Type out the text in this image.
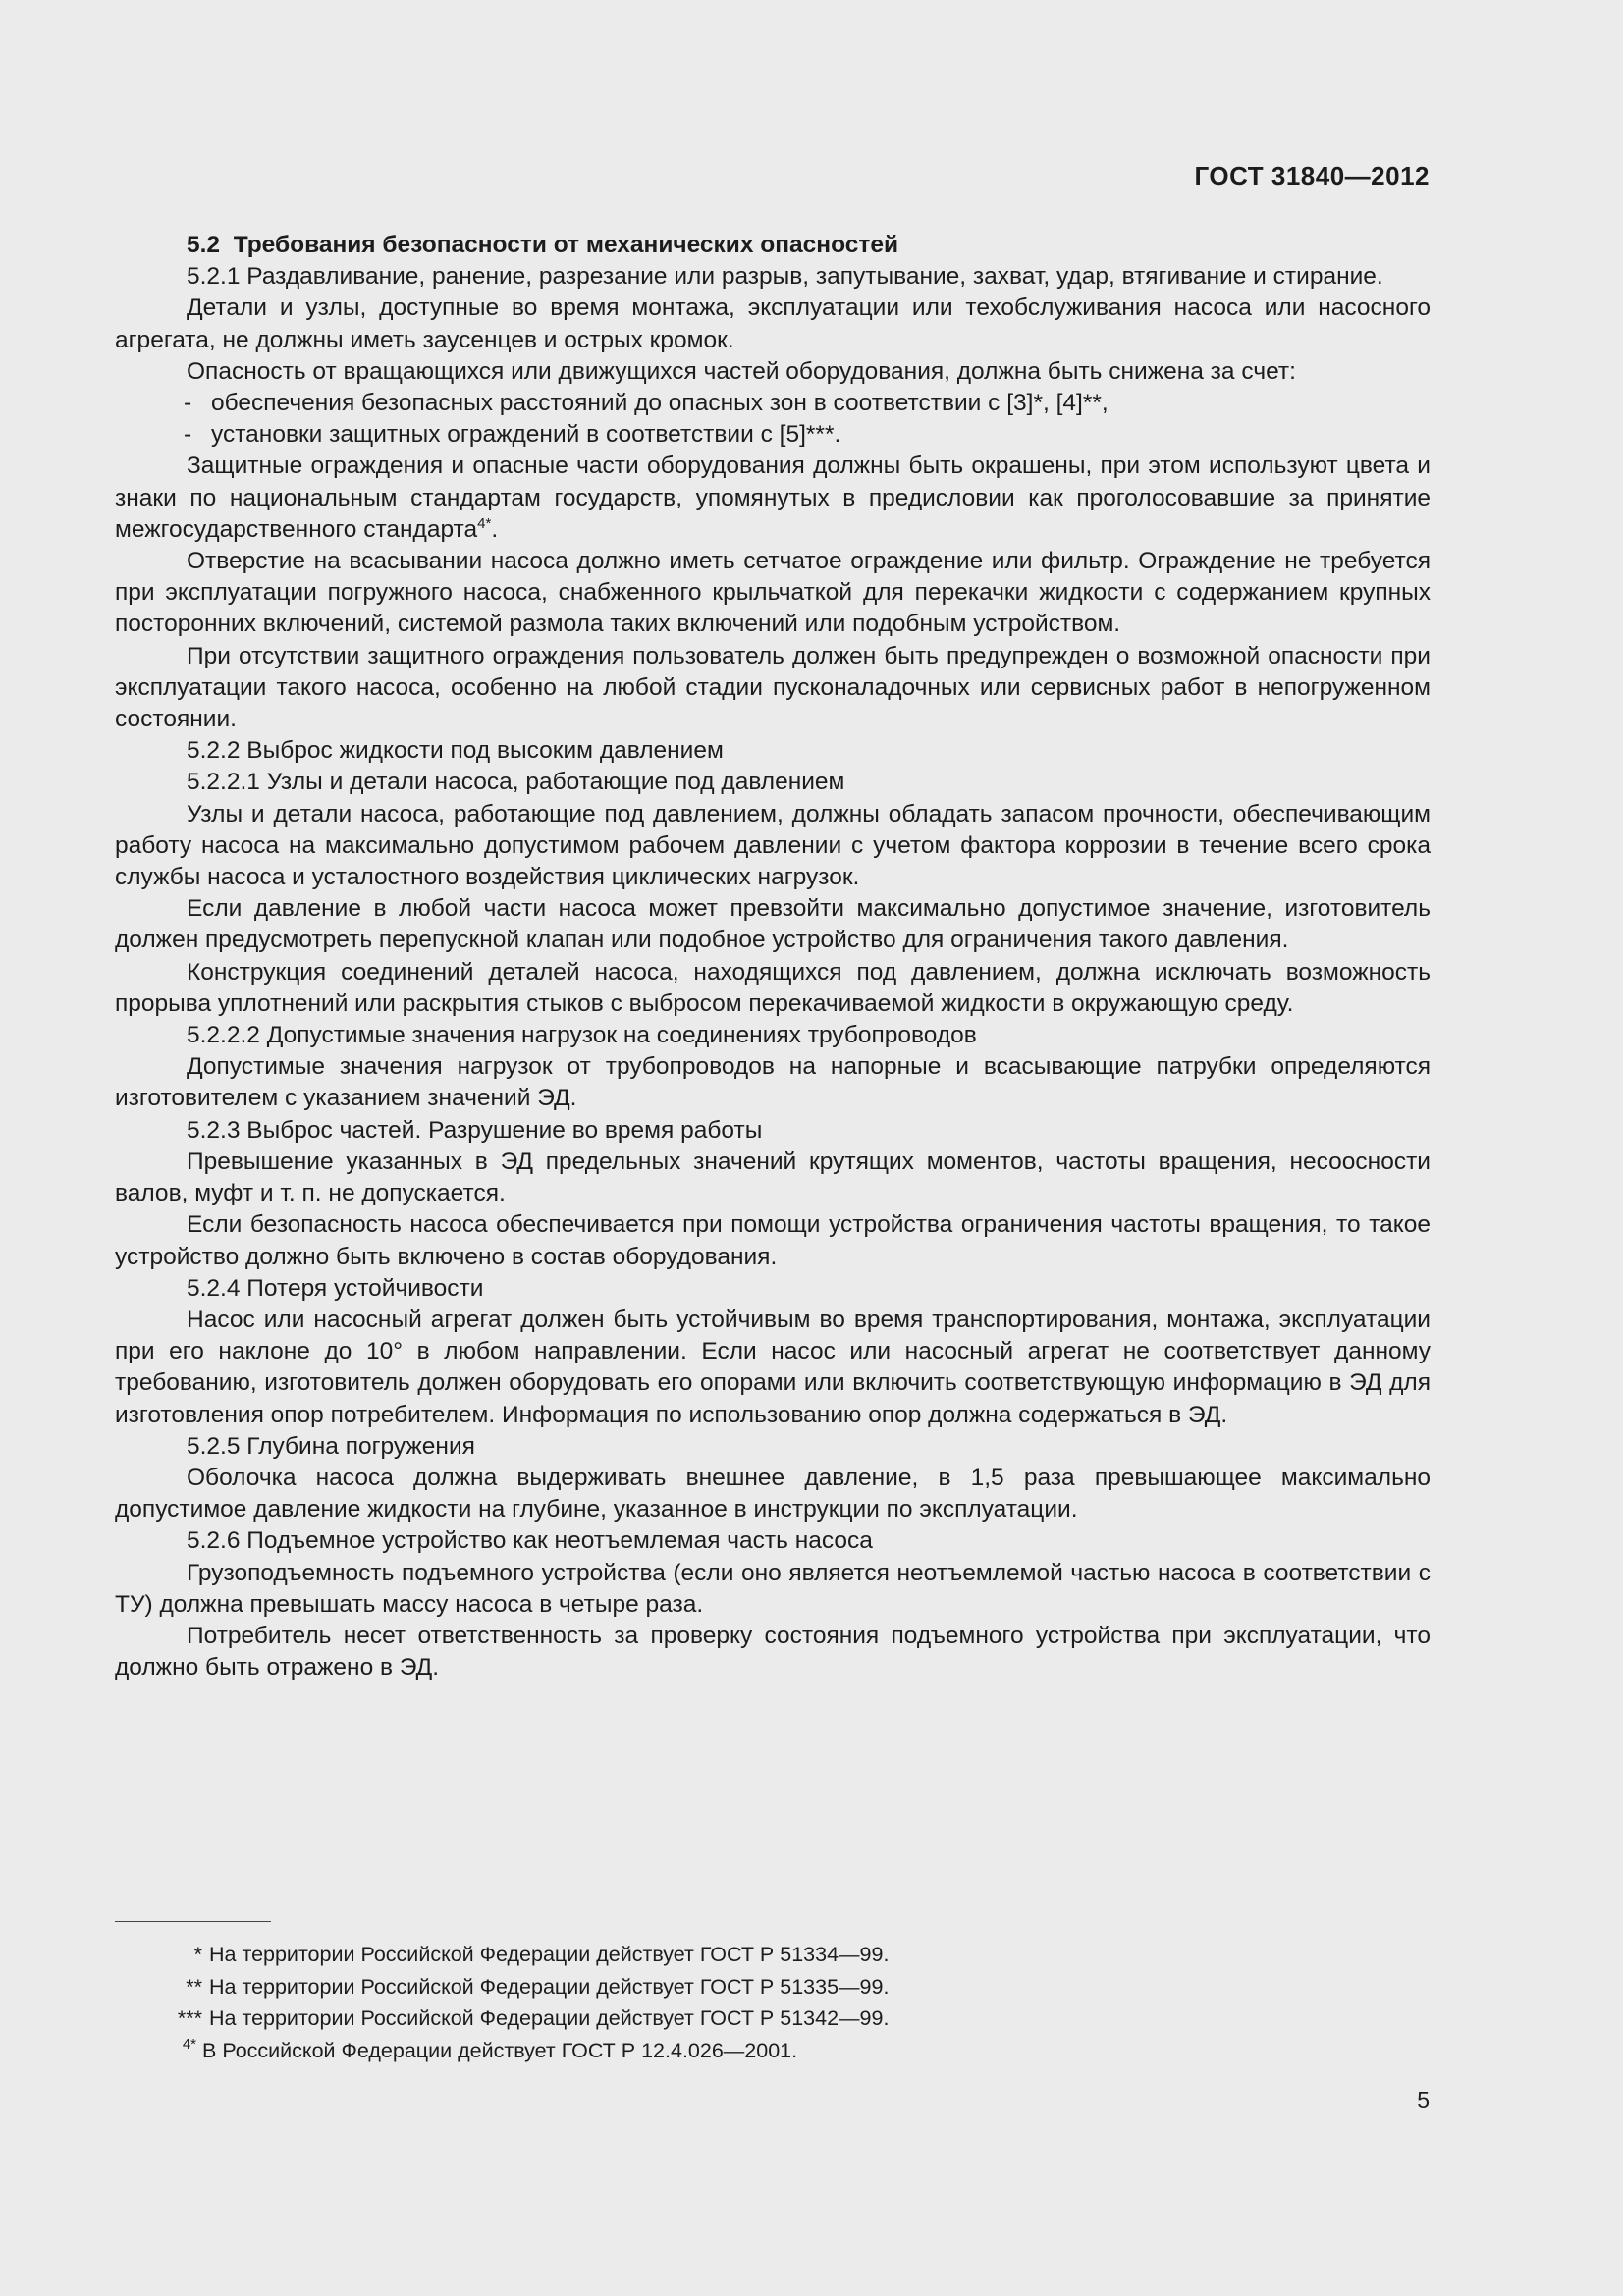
ГОСТ 31840—2012

5.2 Требования безопасности от механических опасностей

5.2.1 Раздавливание, ранение, разрезание или разрыв, запутывание, захват, удар, втягивание и стирание.

Детали и узлы, доступные во время монтажа, эксплуатации или техобслуживания насоса или насосного агрегата, не должны иметь заусенцев и острых кромок.

Опасность от вращающихся или движущихся частей оборудования, должна быть снижена за счет:

- обеспечения безопасных расстояний до опасных зон в соответствии с [3]*, [4]**,

- установки защитных ограждений в соответствии с [5]***.

Защитные ограждения и опасные части оборудования должны быть окрашены, при этом используют цвета и знаки по национальным стандартам государств, упомянутых в предисловии как проголосовавшие за принятие межгосударственного стандарта$^{4*}$.

Отверстие на всасывании насоса должно иметь сетчатое ограждение или фильтр. Ограждение не требуется при эксплуатации погружного насоса, снабженного крыльчаткой для перекачки жидкости с содержанием крупных посторонних включений, системой размола таких включений или подобным устройством.

При отсутствии защитного ограждения пользователь должен быть предупрежден о возможной опасности при эксплуатации такого насоса, особенно на любой стадии пусконаладочных или сервисных работ в непогруженном состоянии.

5.2.2 Выброс жидкости под высоким давлением

5.2.2.1 Узлы и детали насоса, работающие под давлением

Узлы и детали насоса, работающие под давлением, должны обладать запасом прочности, обеспечивающим работу насоса на максимально допустимом рабочем давлении с учетом фактора коррозии в течение всего срока службы насоса и усталостного воздействия циклических нагрузок.

Если давление в любой части насоса может превзойти максимально допустимое значение, изготовитель должен предусмотреть перепускной клапан или подобное устройство для ограничения такого давления.

Конструкция соединений деталей насоса, находящихся под давлением, должна исключать возможность прорыва уплотнений или раскрытия стыков с выбросом перекачиваемой жидкости в окружающую среду.

5.2.2.2 Допустимые значения нагрузок на соединениях трубопроводов

Допустимые значения нагрузок от трубопроводов на напорные и всасывающие патрубки определяются изготовителем с указанием значений ЭД.

5.2.3 Выброс частей. Разрушение во время работы

Превышение указанных в ЭД предельных значений крутящих моментов, частоты вращения, несоосности валов, муфт и т. п. не допускается.

Если безопасность насоса обеспечивается при помощи устройства ограничения частоты вращения, то такое устройство должно быть включено в состав оборудования.

5.2.4 Потеря устойчивости

Насос или насосный агрегат должен быть устойчивым во время транспортирования, монтажа, эксплуатации при его наклоне до 10° в любом направлении. Если насос или насосный агрегат не соответствует данному требованию, изготовитель должен оборудовать его опорами или включить соответствующую информацию в ЭД для изготовления опор потребителем. Информация по использованию опор должна содержаться в ЭД.

5.2.5 Глубина погружения

Оболочка насоса должна выдерживать внешнее давление, в 1,5 раза превышающее максимально допустимое давление жидкости на глубине, указанное в инструкции по эксплуатации.

5.2.6 Подъемное устройство как неотъемлемая часть насоса

Грузоподъемность подъемного устройства (если оно является неотъемлемой частью насоса в соответствии с ТУ) должна превышать массу насоса в четыре раза.

Потребитель несет ответственность за проверку состояния подъемного устройства при эксплуатации, что должно быть отражено в ЭД.

* На территории Российской Федерации действует ГОСТ Р 51334—99.

** На территории Российской Федерации действует ГОСТ Р 51335—99.

*** На территории Российской Федерации действует ГОСТ Р 51342—99.

$^{4*}$ В Российской Федерации действует ГОСТ Р 12.4.026—2001.

5
